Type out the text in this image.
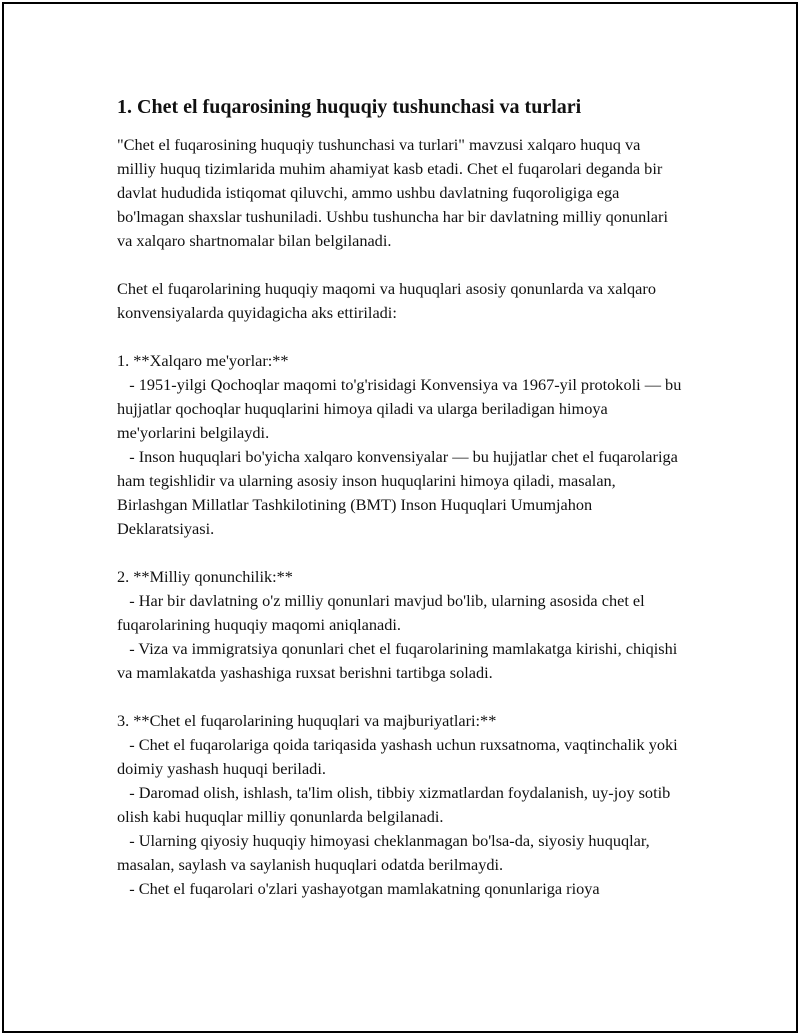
1. Chet el fuqarosining huquqiy tushunchasi va turlari

"Chet el fuqarosining huquqiy tushunchasi va turlari" mavzusi xalqaro huquq va milliy huquq tizimlarida muhim ahamiyat kasb etadi. Chet el fuqarolari deganda bir davlat hududida istiqomat qiluvchi, ammo ushbu davlatning fuqoroligiga ega bo'lmagan shaxslar tushuniladi. Ushbu tushuncha har bir davlatning milliy qonunlari va xalqaro shartnomalar bilan belgilanadi.

Chet el fuqarolarining huquqiy maqomi va huquqlari asosiy qonunlarda va xalqaro konvensiyalarda quyidagicha aks ettiriladi:

1. **Xalqaro me'yorlar:**
- 1951-yilgi Qochoqlar maqomi to'g'risidagi Konvensiya va 1967-yil protokoli — bu hujjatlar qochoqlar huquqlarini himoya qiladi va ularga beriladigan himoya me'yorlarini belgilaydi.
- Inson huquqlari bo'yicha xalqaro konvensiyalar — bu hujjatlar chet el fuqarolariga ham tegishlidir va ularning asosiy inson huquqlarini himoya qiladi, masalan, Birlashgan Millatlar Tashkilotining (BMT) Inson Huquqlari Umumjahon Deklaratsiyasi.

2. **Milliy qonunchilik:**
- Har bir davlatning o'z milliy qonunlari mavjud bo'lib, ularning asosida chet el fuqarolarining huquqiy maqomi aniqlanadi.
- Viza va immigratsiya qonunlari chet el fuqarolarining mamlakatga kirishi, chiqishi va mamlakatda yashashiga ruxsat berishni tartibga soladi.

3. **Chet el fuqarolarining huquqlari va majburiyatlari:**
- Chet el fuqarolariga qoida tariqasida yashash uchun ruxsatnoma, vaqtinchalik yoki doimiy yashash huquqi beriladi.
- Daromad olish, ishlash, ta'lim olish, tibbiy xizmatlardan foydalanish, uy-joy sotib olish kabi huquqlar milliy qonunlarda belgilanadi.
- Ularning qiyosiy huquqiy himoyasi cheklanmagan bo'lsa-da, siyosiy huquqlar, masalan, saylash va saylanish huquqlari odatda berilmaydi.
- Chet el fuqarolari o'zlari yashayotgan mamlakatning qonunlariga rioya
